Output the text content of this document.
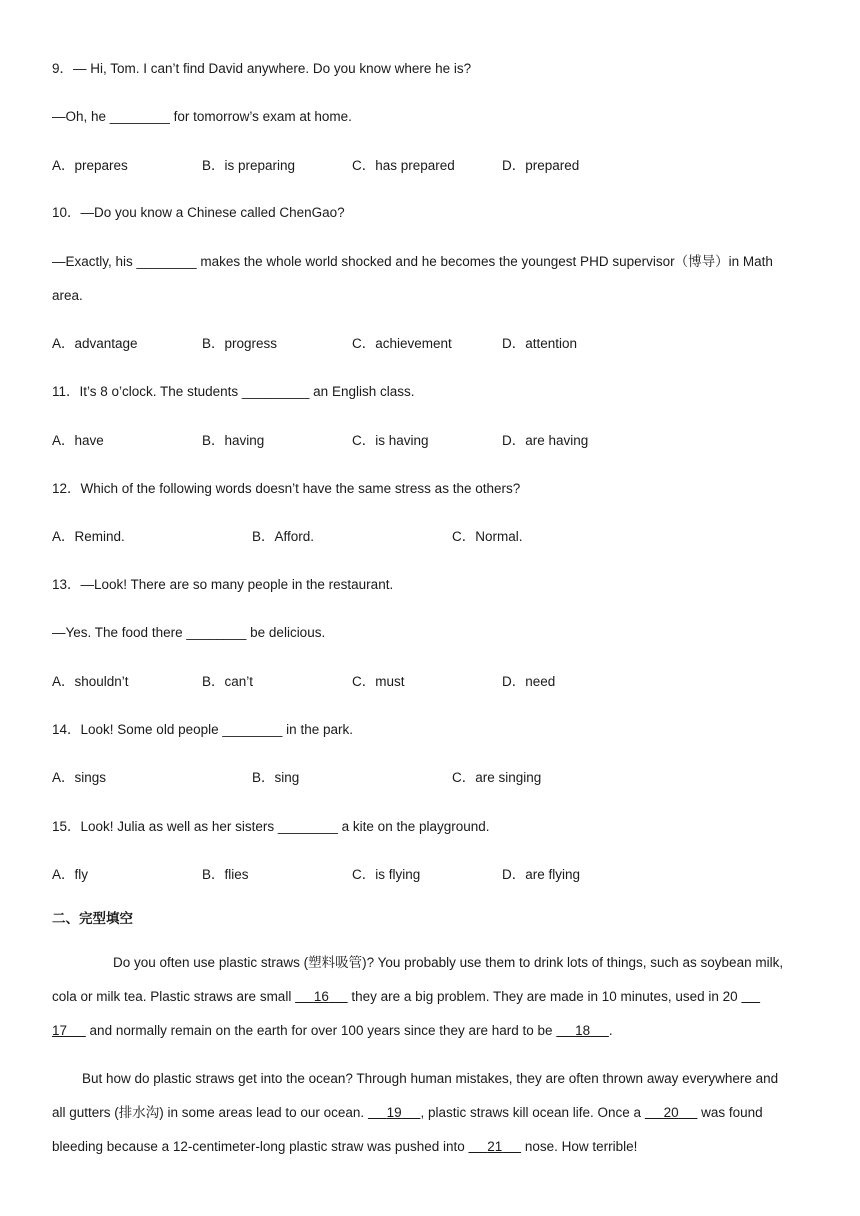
9．— Hi, Tom. I can’t find David anywhere. Do you know where he is?
—Oh, he ________ for tomorrow’s exam at home.
A．prepares	B．is preparing	C．has prepared	D．prepared
10．—Do you know a Chinese called ChenGao?
—Exactly, his ________ makes the whole world shocked and he becomes the youngest PHD supervisor（博导）in Math
area.
A．advantage	B．progress	C．achievement	D．attention
11．It’s 8 o’clock. The students _________ an English class.
A．have	B．having	C．is having	D．are having
12．Which of the following words doesn’t have the same stress as the others?
A．Remind.	B．Afford.	C．Normal.
13．—Look! There are so many people in the restaurant.
—Yes. The food there ________ be delicious.
A．shouldn’t	B．can’t	C．must	D．need
14．Look! Some old people ________ in the park.
A．sings	B．sing	C．are singing
15．Look! Julia as well as her sisters ________ a kite on the playground.
A．fly	B．flies	C．is flying	D．are flying
二、完型填空
Do you often use plastic straws (塑料吸管)? You probably use them to drink lots of things, such as soybean milk,
cola or milk tea. Plastic straws are small      16      they are a big problem. They are made in 10 minutes, used in 20
17      and normally remain on the earth for over 100 years since they are hard to be      18 .
But how do plastic straws get into the ocean? Through human mistakes, they are often thrown away everywhere and
all gutters (排水沟) in some areas lead to our ocean.      19 , plastic straws kill ocean life. Once a      20      was found
bleeding because a 12-centimeter-long plastic straw was pushed into      21      nose. How terrible!
